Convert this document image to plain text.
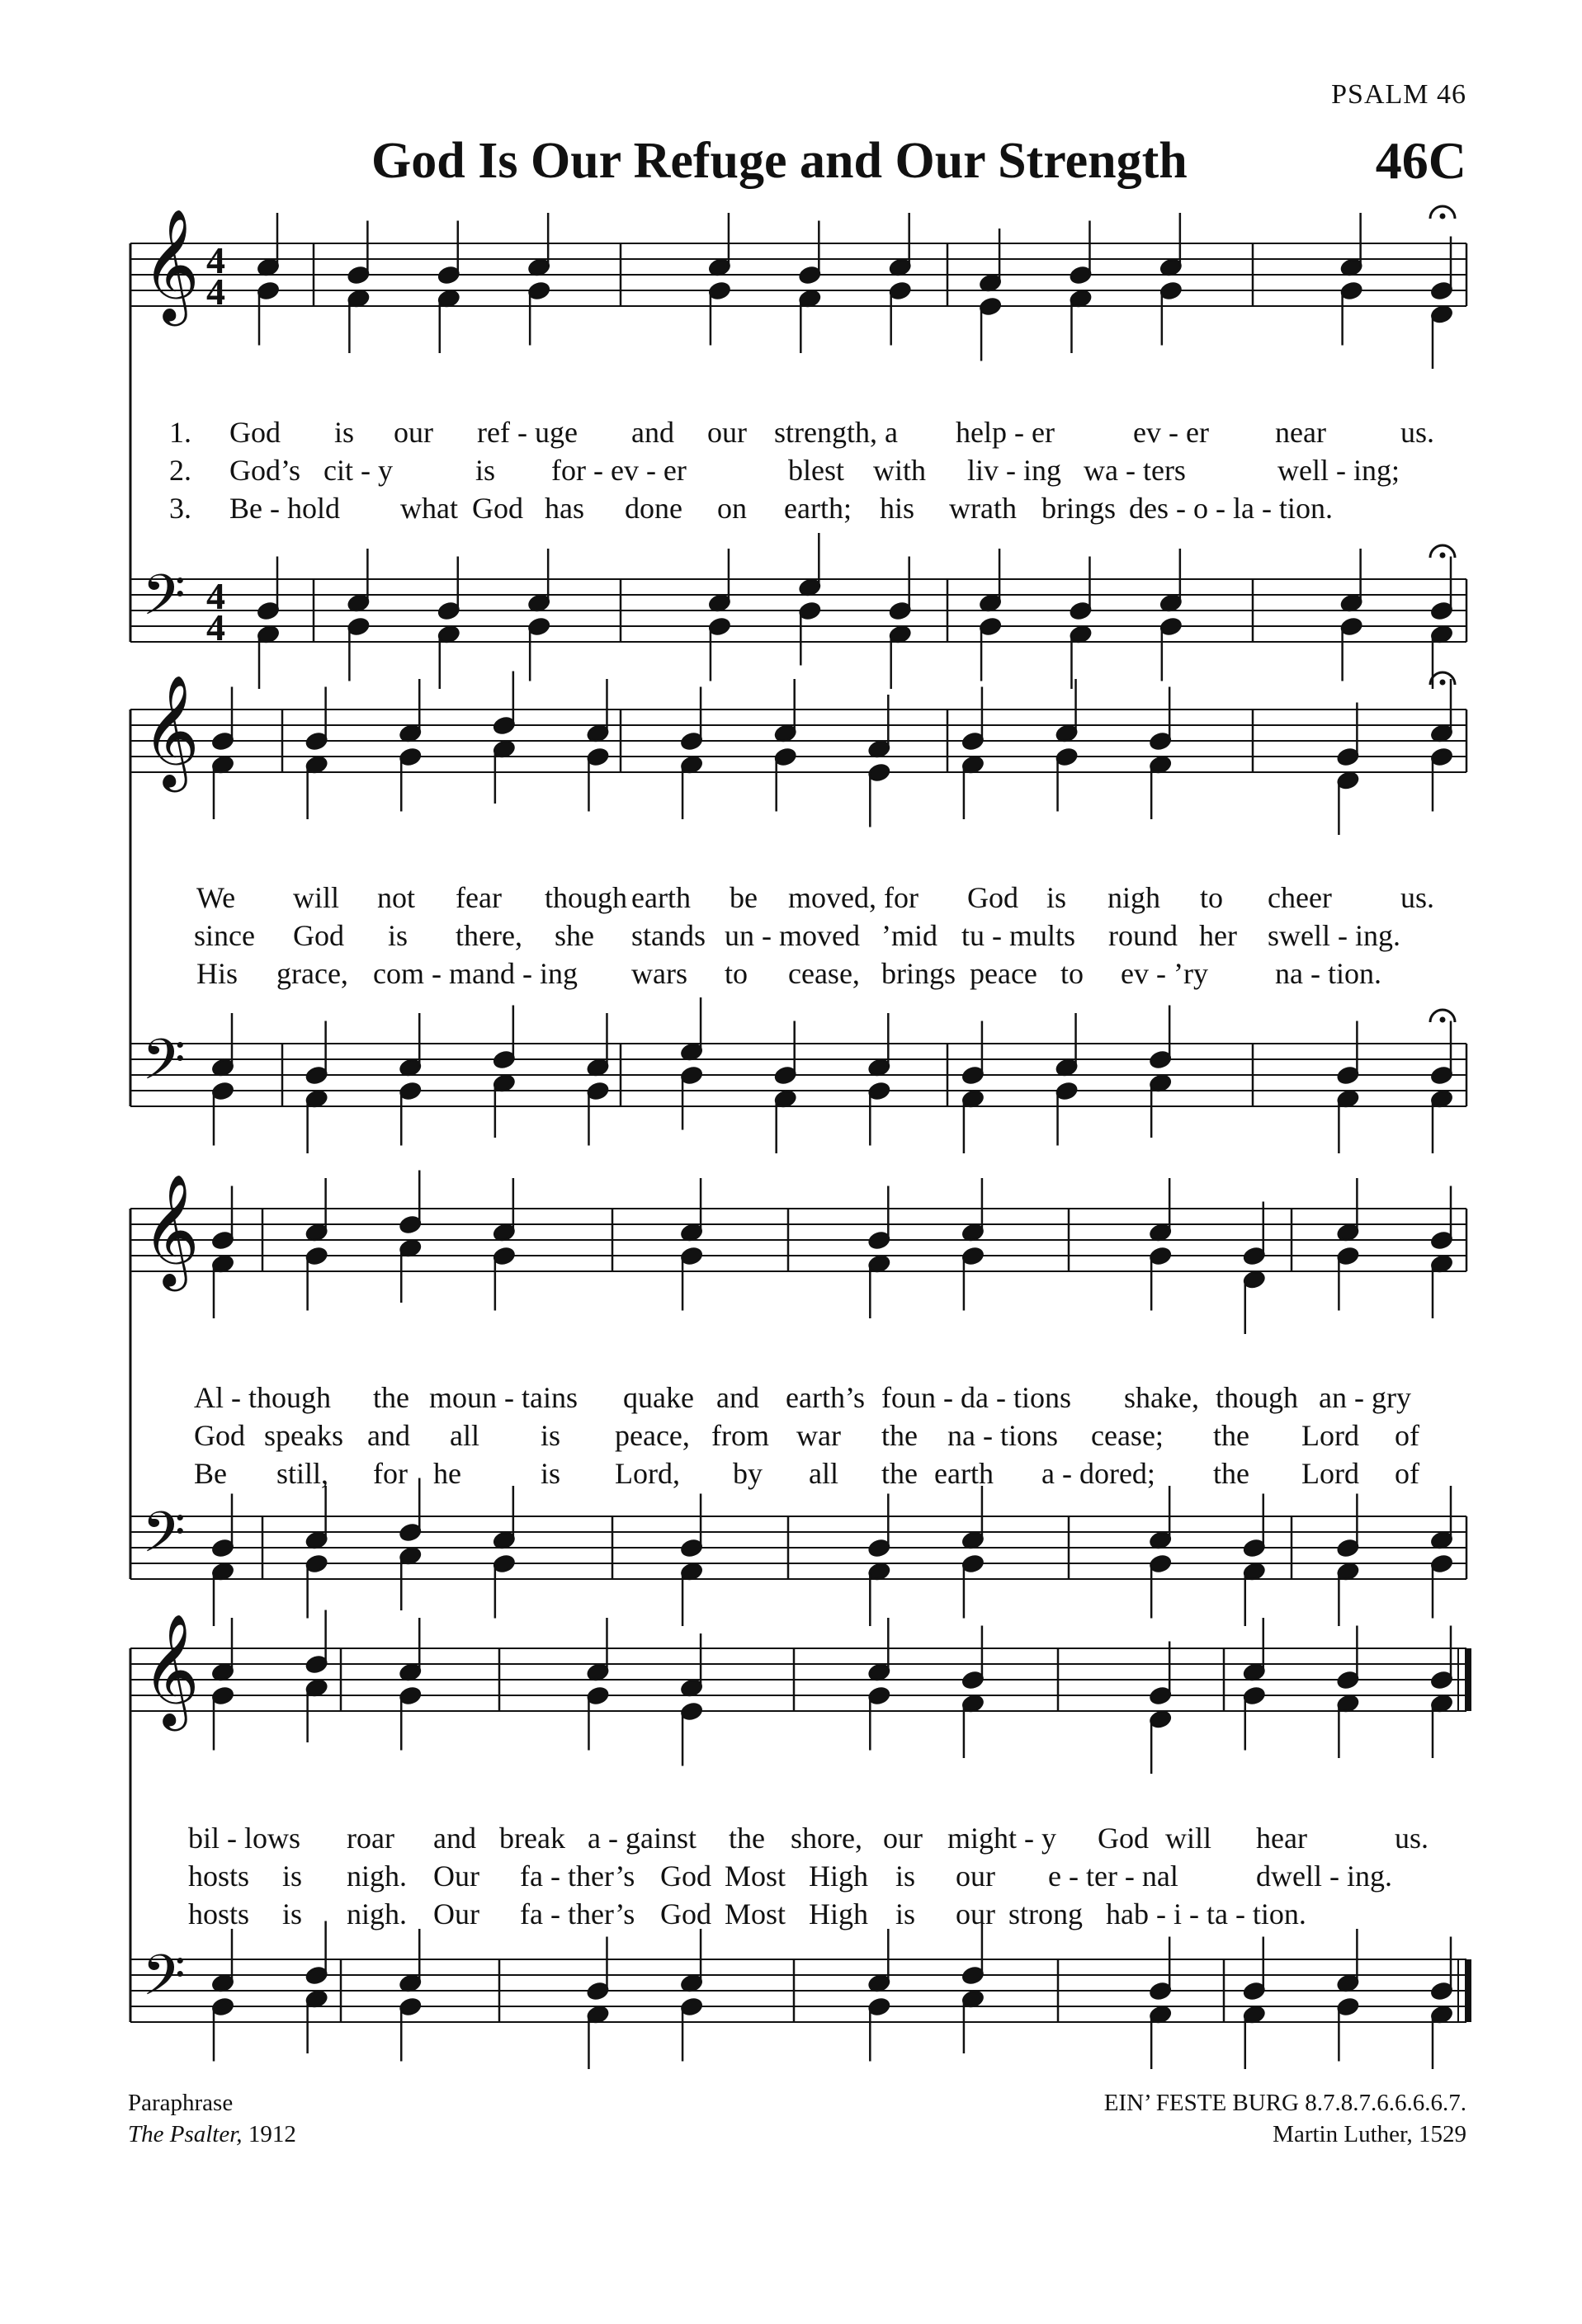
PSALM 46
God Is Our Refuge and Our Strength	46C
𝄞
𝄢
4
4
4
4
1. God is our ref - uge and our strength, a help - er	ev - er near	us.
2. God’s cit - y	is for - ev - er	blest with liv - ing wa - ters	well - ing;
3. Be - hold what God has done on earth; his wrath brings des - o - la - tion.
𝄞
𝄢
We will not fear though earth be moved, for God is nigh to cheer us.
since God is there, she stands un - moved ’mid tu - mults round her swell - ing.
His grace, com - mand - ing wars to cease, brings peace to ev - ’ry na - tion.
𝄞
𝄢
Al - though the moun - tains quake and earth’s foun - da - tions shake, though an - gry
God speaks and all is peace, from war the na - tions cease; the Lord of
Be still, for he	is Lord, by all the earth a - dored; the Lord of
𝄞
𝄢
bil - lows roar and break a - gainst the shore, our might - y God will hear	us.
hosts is nigh. Our fa - ther’s God Most High is our e - ter - nal	dwell - ing.
hosts is nigh. Our fa - ther’s God Most High is our strong hab - i - ta - tion.
Paraphrase
The Psalter, 1912
EIN’ FESTE BURG 8.7.8.7.6.6.6.6.7.
Martin Luther, 1529
